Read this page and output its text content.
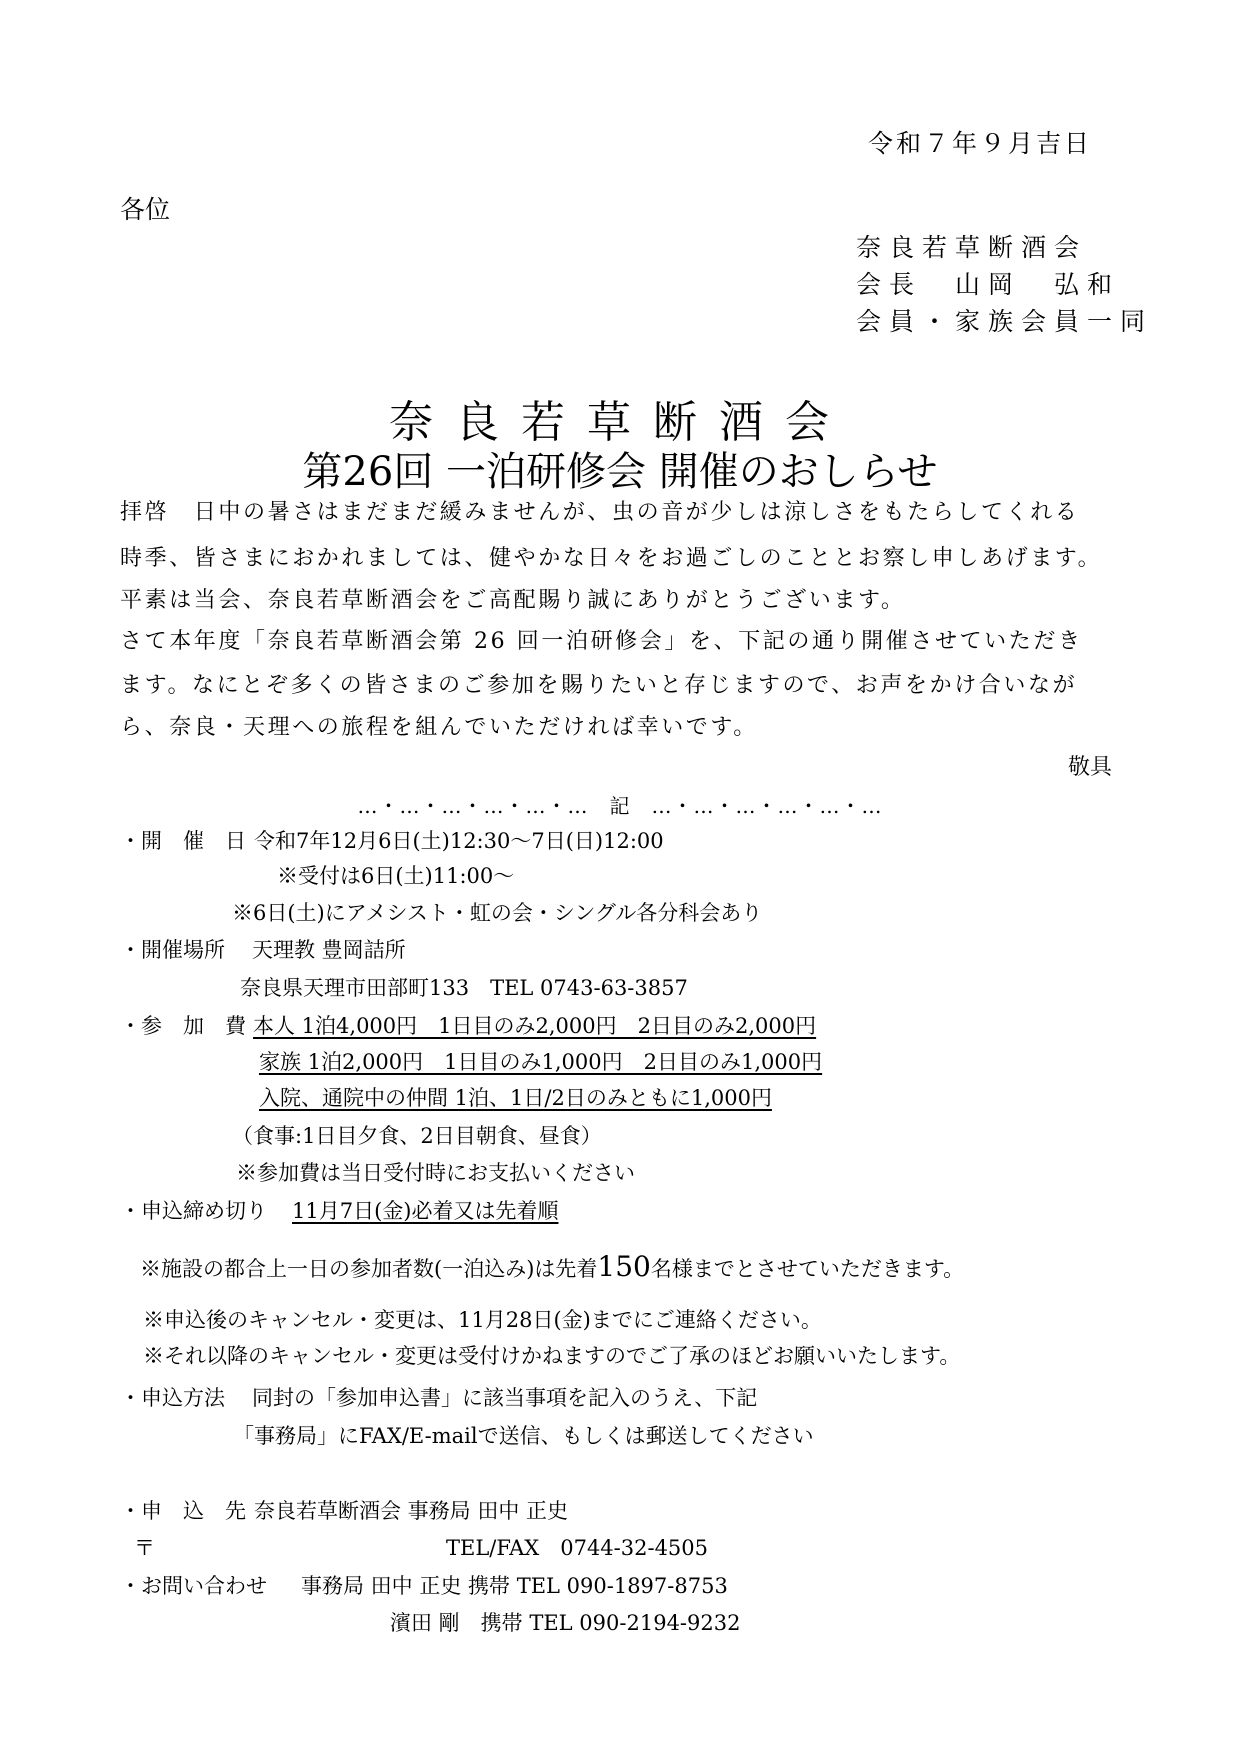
令和７年９月吉日

各位

奈良若草断酒会

会長　山岡　弘和

会員・家族会員一同

奈良若草断酒会

第26回 一泊研修会 開催のおしらせ

拝啓　日中の暑さはまだまだ緩みませんが、虫の音が少しは涼しさをもたらしてくれる

時季、皆さまにおかれましては、健やかな日々をお過ごしのこととお察し申しあげます。

平素は当会、奈良若草断酒会をご高配賜り誠にありがとうございます。

さて本年度「奈良若草断酒会第 26 回一泊研修会」を、下記の通り開催させていただき

ます。なにとぞ多くの皆さまのご参加を賜りたいと存じますので、お声をかけ合いなが

ら、奈良・天理への旅程を組んでいただければ幸いです。

敬具

…・…・…・…・…・…　記　…・…・…・…・…・…

・開　催　日 令和7年12月6日(土)12:30～7日(日)12:00

※受付は6日(土)11:00～

※6日(土)にアメシスト・虹の会・シングル各分科会あり

・開催場所 天理教 豊岡詰所

奈良県天理市田部町133　TEL 0743-63-3857

・参　加　費 本人 1泊4,000円　1日目のみ2,000円　2日目のみ2,000円

家族 1泊2,000円　1日目のみ1,000円　2日目のみ1,000円

入院、通院中の仲間 1泊、1日/2日のみともに1,000円

（食事:1日目夕食、2日目朝食、昼食）

※参加費は当日受付時にお支払いください

・申込締め切り 11月7日(金)必着又は先着順

※施設の都合上一日の参加者数(一泊込み)は先着150名様までとさせていただきます。

※申込後のキャンセル・変更は、11月28日(金)までにご連絡ください。

※それ以降のキャンセル・変更は受付けかねますのでご了承のほどお願いいたします。

・申込方法 同封の「参加申込書」に該当事項を記入のうえ、下記

「事務局」にFAX/E-mailで送信、もしくは郵送してください

・申　込　先 奈良若草断酒会 事務局 田中 正史

〒	TEL/FAX　0744-32-4505

・お問い合わせ 事務局 田中 正史 携帯 TEL 090-1897-8753

濱田 剛　携帯 TEL 090-2194-9232
